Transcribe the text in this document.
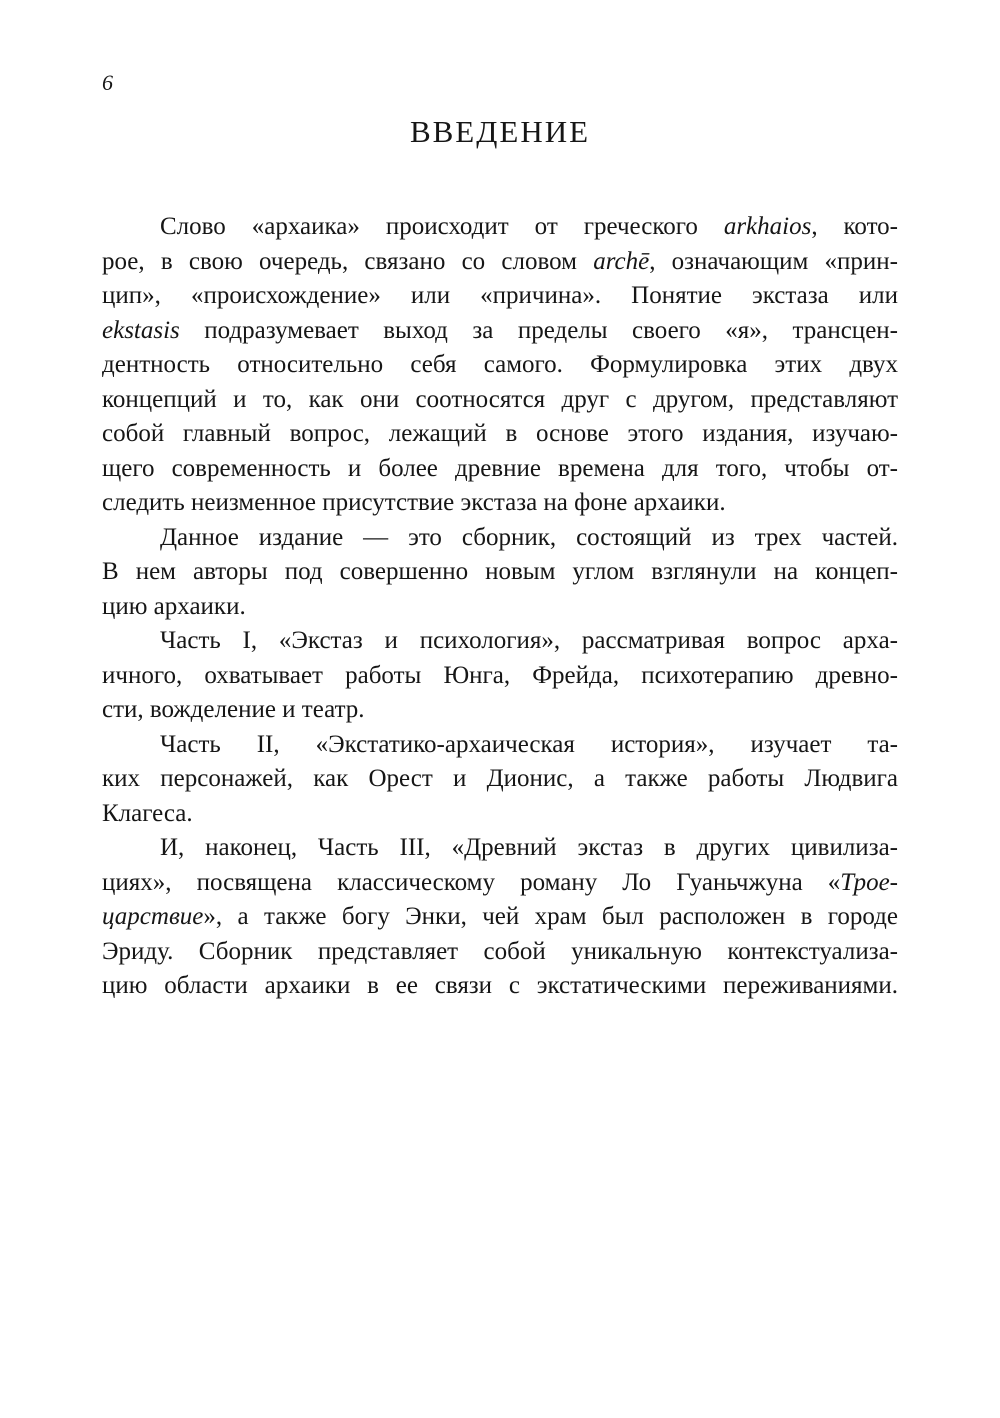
6
ВВЕДЕНИЕ
Слово «архаика» происходит от греческого arkhaios, кото-
рое, в свою очередь, связано со словом archē, означающим «прин-
цип», «происхождение» или «причина». Понятие экстаза или
ekstasis подразумевает выход за пределы своего «я», трансцен-
дентность относительно себя самого. Формулировка этих двух
концепций и то, как они соотносятся друг с другом, представляют
собой главный вопрос, лежащий в основе этого издания, изучаю-
щего современность и более древние времена для того, чтобы от-
следить неизменное присутствие экстаза на фоне архаики.
Данное издание — это сборник, состоящий из трех частей.
В нем авторы под совершенно новым углом взглянули на концеп-
цию архаики.
Часть I, «Экстаз и психология», рассматривая вопрос арха-
ичного, охватывает работы Юнга, Фрейда, психотерапию древно-
сти, вожделение и театр.
Часть II, «Экстатико-архаическая история», изучает та-
ких персонажей, как Орест и Дионис, а также работы Людвига
Клагеса.
И, наконец, Часть III, «Древний экстаз в других цивилиза-
циях», посвящена классическому роману Ло Гуаньчжуна «Трое-
царствие», а также богу Энки, чей храм был расположен в городе
Эриду. Сборник представляет собой уникальную контекстуализа-
цию области архаики в ее связи с экстатическими переживаниями.
